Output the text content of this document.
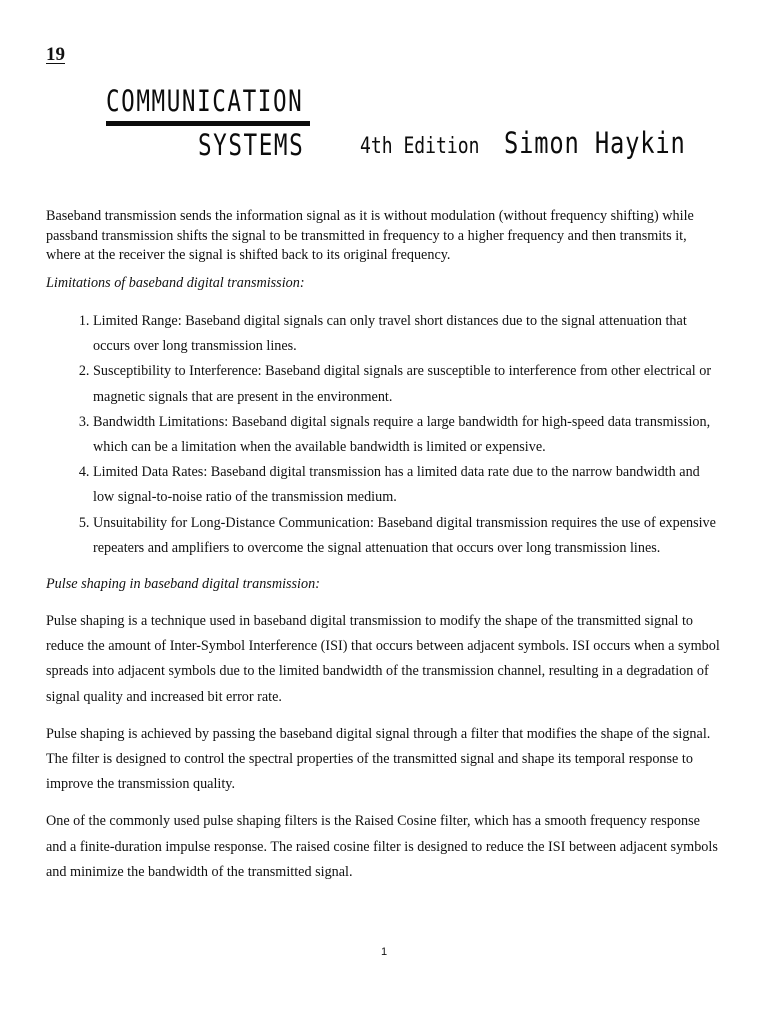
19
COMMUNICATION
SYSTEMS	4th Edition Simon Haykin

Baseband transmission sends the information signal as it is without modulation (without frequency shifting) while passband transmission shifts the signal to be transmitted in frequency to a higher frequency and then transmits it, where at the receiver the signal is shifted back to its original frequency.

Limitations of baseband digital transmission:

1. Limited Range: Baseband digital signals can only travel short distances due to the signal attenuation that occurs over long transmission lines.
2. Susceptibility to Interference: Baseband digital signals are susceptible to interference from other electrical or magnetic signals that are present in the environment.
3. Bandwidth Limitations: Baseband digital signals require a large bandwidth for high-speed data transmission, which can be a limitation when the available bandwidth is limited or expensive.
4. Limited Data Rates: Baseband digital transmission has a limited data rate due to the narrow bandwidth and low signal-to-noise ratio of the transmission medium.
5. Unsuitability for Long-Distance Communication: Baseband digital transmission requires the use of expensive repeaters and amplifiers to overcome the signal attenuation that occurs over long transmission lines.

Pulse shaping in baseband digital transmission:

Pulse shaping is a technique used in baseband digital transmission to modify the shape of the transmitted signal to reduce the amount of Inter-Symbol Interference (ISI) that occurs between adjacent symbols. ISI occurs when a symbol spreads into adjacent symbols due to the limited bandwidth of the transmission channel, resulting in a degradation of signal quality and increased bit error rate.

Pulse shaping is achieved by passing the baseband digital signal through a filter that modifies the shape of the signal. The filter is designed to control the spectral properties of the transmitted signal and shape its temporal response to improve the transmission quality.

One of the commonly used pulse shaping filters is the Raised Cosine filter, which has a smooth frequency response and a finite-duration impulse response. The raised cosine filter is designed to reduce the ISI between adjacent symbols and minimize the bandwidth of the transmitted signal.

1
